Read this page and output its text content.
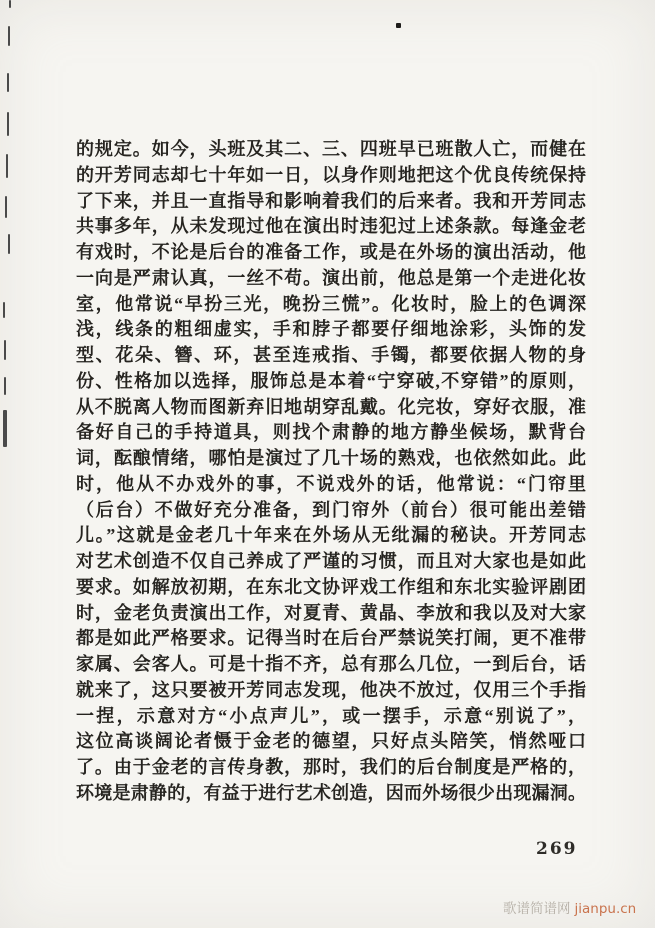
的规定。如今，头班及其二、三、四班早已班散人亡，而健在
的开芳同志却七十年如一日，以身作则地把这个优良传统保持
了下来，并且一直指导和影响着我们的后来者。我和开芳同志
共事多年，从未发现过他在演出时违犯过上述条款。每逢金老
有戏时，不论是后台的准备工作，或是在外场的演出活动，他
一向是严肃认真，一丝不苟。演出前，他总是第一个走进化妆
室，他常说“早扮三光，晚扮三慌”。化妆时，脸上的色调深
浅，线条的粗细虚实，手和脖子都要仔细地涂彩，头饰的发
型、花朵、簪、环，甚至连戒指、手镯，都要依据人物的身
份、性格加以选择，服饰总是本着“宁穿破,不穿错”的原则，
从不脱离人物而图新弃旧地胡穿乱戴。化完妆，穿好衣服，准
备好自己的手持道具，则找个肃静的地方静坐候场，默背台
词，酝酿情绪，哪怕是演过了几十场的熟戏，也依然如此。此
时，他从不办戏外的事，不说戏外的话，他常说：“门帘里
（后台）不做好充分准备，到门帘外（前台）很可能出差错
儿。”这就是金老几十年来在外场从无纰漏的秘诀。开芳同志
对艺术创造不仅自己养成了严谨的习惯，而且对大家也是如此
要求。如解放初期，在东北文协评戏工作组和东北实验评剧团
时，金老负责演出工作，对夏青、黄晶、李放和我以及对大家
都是如此严格要求。记得当时在后台严禁说笑打闹，更不准带
家属、会客人。可是十指不齐，总有那么几位，一到后台，话
就来了，这只要被开芳同志发现，他决不放过，仅用三个手指
一捏，示意对方“小点声儿”，或一摆手，示意“别说了”，
这位高谈阔论者慑于金老的德望，只好点头陪笑，悄然哑口
了。由于金老的言传身教，那时，我们的后台制度是严格的，
环境是肃静的，有益于进行艺术创造，因而外场很少出现漏洞。
269
歌谱简谱网 jianpu.cn
